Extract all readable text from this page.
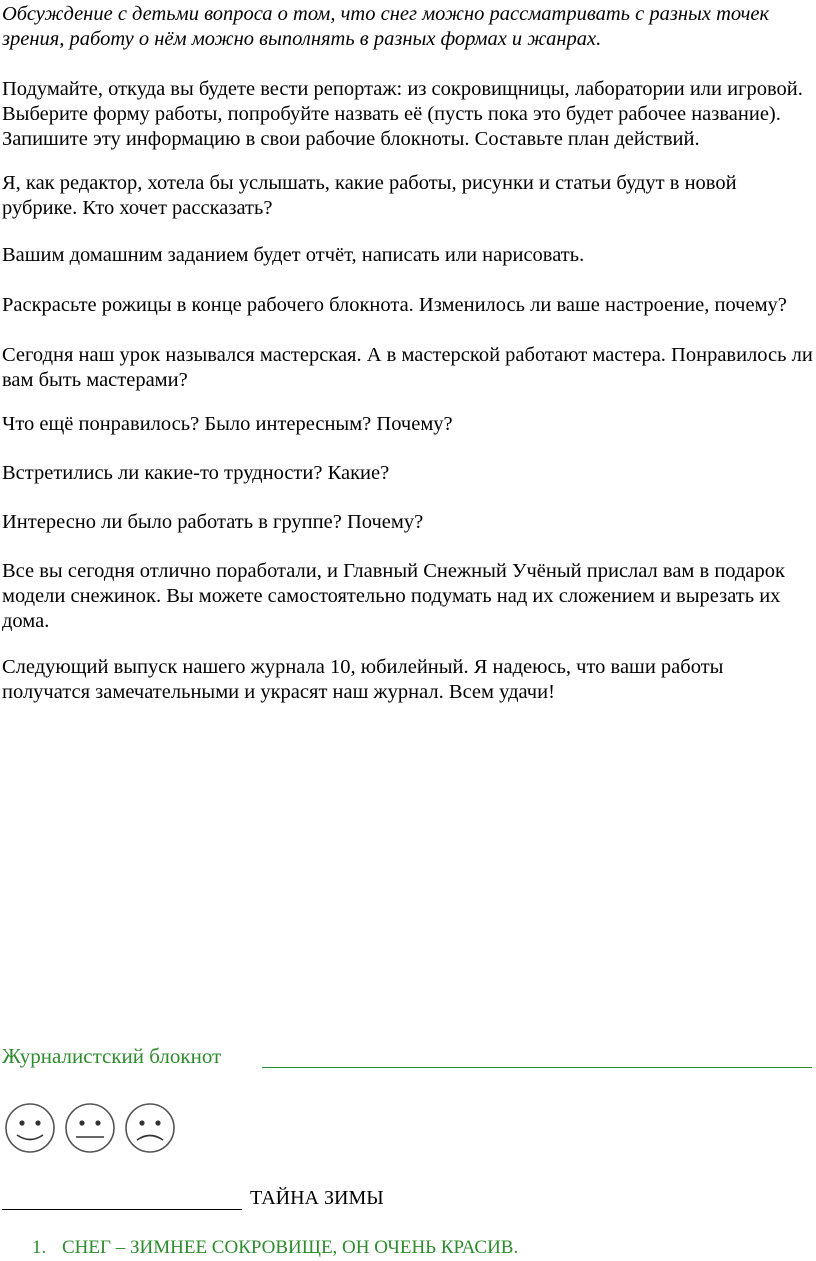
Обсуждение с детьми вопроса о том, что снег можно рассматривать с разных точек зрения, работу о нём можно выполнять в разных формах и жанрах.

Подумайте, откуда вы будете вести репортаж: из сокровищницы, лаборатории или игровой. Выберите форму работы, попробуйте назвать её (пусть пока это будет рабочее название). Запишите эту информацию в свои рабочие блокноты. Составьте план действий.

Я, как редактор, хотела бы услышать, какие работы, рисунки и статьи будут в новой рубрике. Кто хочет рассказать?

Вашим домашним заданием будет отчёт, написать или нарисовать.

Раскрасьте рожицы в конце рабочего блокнота. Изменилось ли ваше настроение, почему?

Сегодня наш урок назывался мастерская. А в мастерской работают мастера. Понравилось ли вам быть мастерами?

Что ещё понравилось? Было интересным? Почему?

Встретились ли какие-то трудности? Какие?

Интересно ли было работать в группе? Почему?

Все вы сегодня отлично поработали, и Главный Снежный Учёный прислал вам в подарок модели снежинок. Вы можете самостоятельно подумать над их сложением и вырезать их дома.

Следующий выпуск нашего журнала 10, юбилейный. Я надеюсь, что ваши работы получатся замечательными и украсят наш журнал. Всем удачи!

Журналистский блокнот
ТАЙНА ЗИМЫ
1. СНЕГ – ЗИМНЕЕ СОКРОВИЩЕ, ОН ОЧЕНЬ КРАСИВ.
